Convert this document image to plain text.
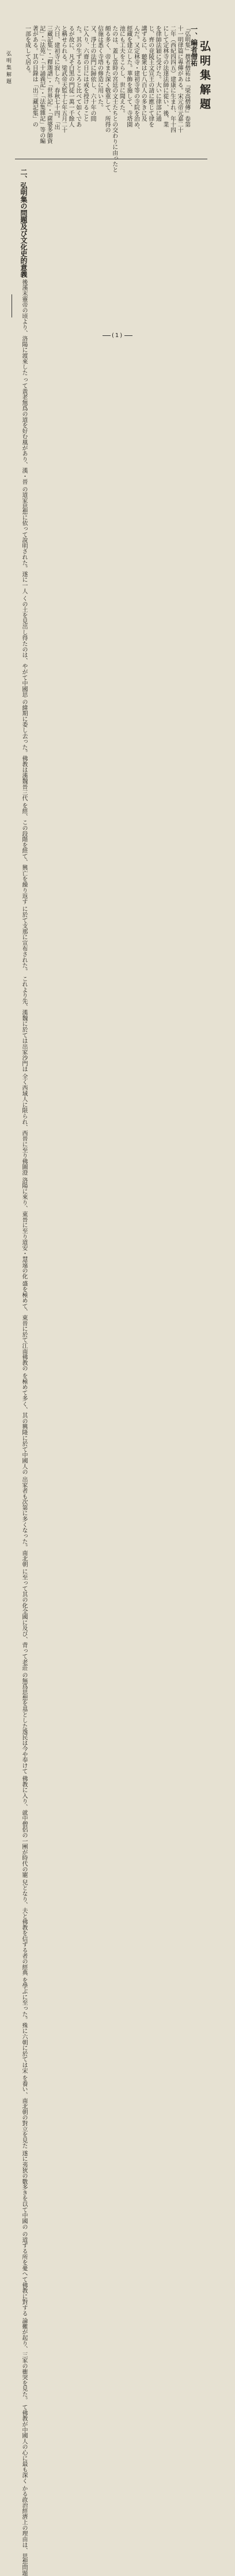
弘明集解題
弘明集解題
一、編者僧祐
『弘明集』撰者僧祐は『梁高僧傳』卷第
十一明律篇に專傳がある。宋元帝元嘉二十
二年（西紀四四五）建康に生まれ、年十四
にして定林寺の法達法師に從い、後、業
を律師法穎に受けた。大いに律部に通
じ、齊の竟陵王文宣王の請に應じて律を
講ずるに、聽衆は七八百人の多きに及
んだ。又定林寺・建初寺等の寺院を治め、
經藏を建立した。華飾を施して、寺塔園
池にも工夫をこらし、世に聞えた。
たのは、蓋し當時の宮廷の文士たちとの交わりに由ったと
頗る多く、帝もまた深く敬重して、所得の
信施は悉く寺塔の修造に用いた。
又、淨土の法門に歸依し、六十年の間
に入り、六齋の日には戒を授けること
た。其の生ずるところと比べて如くであ
るが故に、凡そ白黑の門徒一萬一千餘人
と稱せられる。梁武帝天監十七年五月二十
六日、建初寺に寂した。春秋七十四。「出
三藏記集」・「釋迦譜」・「世界記」・「薩婆多師資
記」・「法苑」・「十誦義記」・「法集雜記」等の編
著がある。其の目錄は「出三藏記集」の
一部を成して居る。
二、弘明集の問題及び文化史的意義 後漢末靈帝の頃より、洛陽に渡來した って黃老無爲の道を好む風があり、漢・晉 の道家思想に依って說明された。遂に一人 くの土を見出し得たのは、やがて中國思 の緯期に委し去った。佛教は漢魏晉三代 を經、この段階を經て、興亡を繰り返す に於て支那に宣布された。 これより先、漢魏に於ては出家沙門は 全く西域人に限られ、西晉に至り佛圖澄 洛陽に來り、東晉に至り道安・慧遠の化 盛を極めて、東晉に於て江南佛教の を極めて多く、其の興隆に於て中國人の 出家者も次第に多くなった。南北朝 に至って其の化全國に及び、背って老莊 の無爲思想を基とした逸民は今や奉けて 佛教に入り、就中僧侶の一團が時代の寵 兒となり、夫と佛教を信ずる者の經典 を學ぶに至った。殊に六朝に於ては宋 を養い、南北朝の對立を見た 遂に夷狄の數多きを以て中國の の道ずる所を憂へて佛教に對する 論難が起り、三家の衝突を見た。 て佛教が中國人の心に最も深く かる政治經濟上の理由は、思想問題
(1)
